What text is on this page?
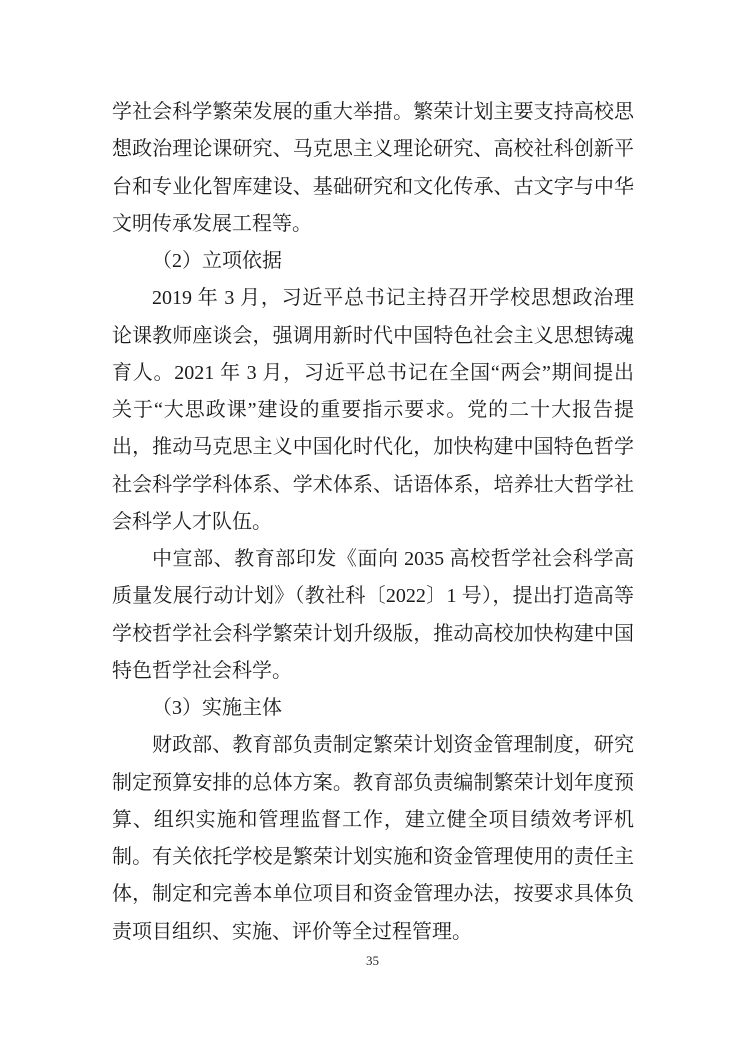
学社会科学繁荣发展的重大举措。繁荣计划主要支持高校思想政治理论课研究、马克思主义理论研究、高校社科创新平台和专业化智库建设、基础研究和文化传承、古文字与中华文明传承发展工程等。

（2）立项依据

2019 年 3 月，习近平总书记主持召开学校思想政治理论课教师座谈会，强调用新时代中国特色社会主义思想铸魂育人。2021 年 3 月，习近平总书记在全国“两会”期间提出关于“大思政课”建设的重要指示要求。党的二十大报告提出，推动马克思主义中国化时代化，加快构建中国特色哲学社会科学学科体系、学术体系、话语体系，培养壮大哲学社会科学人才队伍。

中宣部、教育部印发《面向 2035 高校哲学社会科学高质量发展行动计划》（教社科〔2022〕1 号），提出打造高等学校哲学社会科学繁荣计划升级版，推动高校加快构建中国特色哲学社会科学。

（3）实施主体

财政部、教育部负责制定繁荣计划资金管理制度，研究制定预算安排的总体方案。教育部负责编制繁荣计划年度预算、组织实施和管理监督工作，建立健全项目绩效考评机制。有关依托学校是繁荣计划实施和资金管理使用的责任主体，制定和完善本单位项目和资金管理办法，按要求具体负责项目组织、实施、评价等全过程管理。

35
